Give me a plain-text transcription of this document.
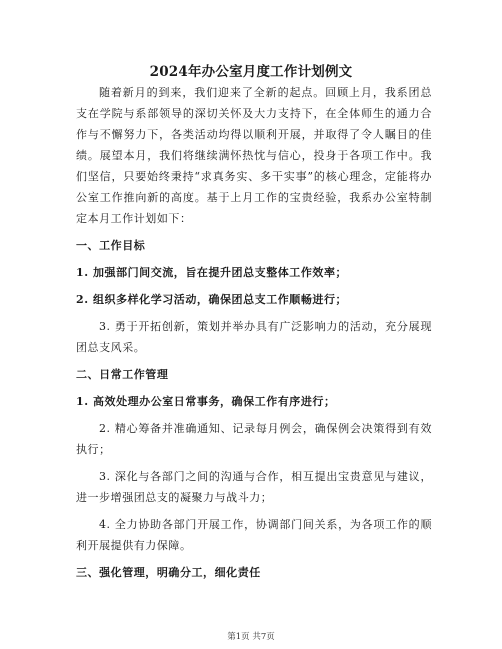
2024年办公室月度工作计划例文

随着新月的到来，我们迎来了全新的起点。回顾上月，我系团总支在学院与系部领导的深切关怀及大力支持下，在全体师生的通力合作与不懈努力下，各类活动均得以顺利开展，并取得了令人瞩目的佳绩。展望本月，我们将继续满怀热忱与信心，投身于各项工作中。我们坚信，只要始终秉持“求真务实、多干实事”的核心理念，定能将办公室工作推向新的高度。基于上月工作的宝贵经验，我系办公室特制定本月工作计划如下：

一、工作目标

1. 加强部门间交流，旨在提升团总支整体工作效率；

2. 组织多样化学习活动，确保团总支工作顺畅进行；

3. 勇于开拓创新，策划并举办具有广泛影响力的活动，充分展现团总支风采。

二、日常工作管理

1. 高效处理办公室日常事务，确保工作有序进行；

2. 精心筹备并准确通知、记录每月例会，确保例会决策得到有效执行；

3. 深化与各部门之间的沟通与合作，相互提出宝贵意见与建议，进一步增强团总支的凝聚力与战斗力；

4. 全力协助各部门开展工作，协调部门间关系，为各项工作的顺利开展提供有力保障。

三、强化管理，明确分工，细化责任

第1页 共7页
